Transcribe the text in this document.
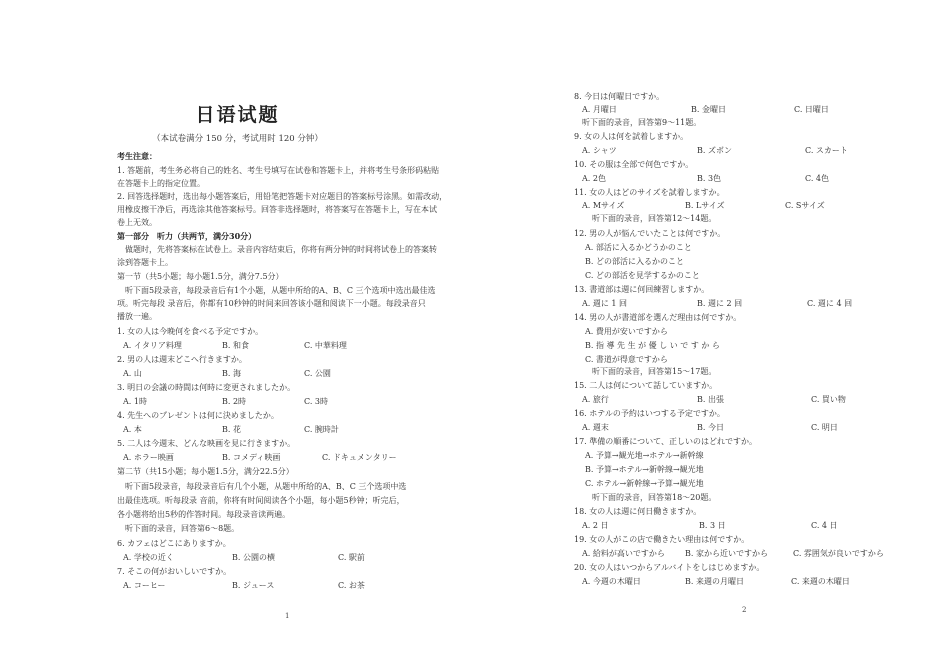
日语试题
（本试卷满分 150 分，考试用时 120 分钟）
考生注意：
1. 答题前，考生务必将自己的姓名、考生号填写在试卷和答题卡上，并将考生号条形码粘贴
在答题卡上的指定位置。
2. 回答选择题时，选出每小题答案后，用铅笔把答题卡对应题目的答案标号涂黑。如需改动，
用橡皮擦干净后，再选涂其他答案标号。回答非选择题时，将答案写在答题卡上，写在本试
卷上无效。
第一部分　听力（共两节，满分30分）
做题时，先将答案标在试卷上。录音内容结束后，你将有两分钟的时间将试卷上的答案转
涂到答题卡上。
第一节（共5小题；每小题1.5分，满分7.5分）
听下面5段录音，每段录音后有1个小题，从题中所给的A、B、C 三个选项中选出最佳选
项。听完每段 录音后，你都有10秒钟的时间来回答该小题和阅读下一小题。每段录音只
播放一遍。
1. 女の人は今晚何を食べる予定ですか。
A. イタリア料理	B. 和食	C. 中華料理
2. 男の人は週末どこへ行きますか。
A. 山	B. 海	C. 公園
3. 明日の会議の時間は何時に変更されましたか。
A. 1時	B. 2時	C. 3時
4. 先生へのプレゼントは何に決めましたか。
A. 本	B. 花	C. 腕時計
5. 二人は今週末、どんな映画を見に行きますか。
A. ホラー映画	B. コメディ映画	C. ドキュメンタリー
第二节（共15小题；每小题1.5分，满分22.5分）
听下面5段录音，每段录音后有几个小题，从题中所给的A、B、C 三个选项中选
出最佳选项。听每段录 音前，你将有时间阅读各个小题，每小题5秒钟；听完后，
各小题将给出5秒的作答时间。每段录音读两遍。
听下面的录音，回答第6～8题。
6. カフェはどこにありますか。
A. 学校の近く	B. 公園の横	C. 駅前
7. そこの何がおいしいですか。
A. コーヒー	B. ジュース	C. お茶
1
8. 今日は何曜日ですか。
A. 月曜日	B. 金曜日	C. 日曜日
听下面的录音，回答第9～11题。
9. 女の人は何を試着しますか。
A. シャツ	B. ズボン	C. スカート
10. その服は全部で何色ですか。
A. 2色	B. 3色	C. 4色
11. 女の人はどのサイズを試着しますか。
A. Mサイズ	B. Lサイズ	C. Sサイズ
听下面的录音，回答第12～14题。
12. 男の人が悩んでいたことは何ですか。
A. 部活に入るかどうかのこと
B. どの部活に入るかのこと
C. どの部活を見学するかのこと
13. 書道部は週に何回練習しますか。
A. 週に 1 回	B. 週に 2 回	C. 週に 4 回
14. 男の人が書道部を選んだ理由は何ですか。
A. 費用が安いですから
B. 指 導 先 生 が 優 し い で す か ら
C. 書道が得意ですから
听下面的录音，回答第15～17题。
15. 二人は何について話していますか。
A. 旅行	B. 出張	C. 買い物
16. ホテルの予約はいつする予定ですか。
A. 週末	B. 今日	C. 明日
17. 準備の順番について、正しいのはどれですか。
A. 予算→観光地→ホテル→新幹線
B. 予算→ホテル→新幹線→観光地
C. ホテル→新幹線→予算→観光地
听下面的录音，回答第18～20题。
18. 女の人は週に何日働きますか。
A. 2 日	B. 3 日	C. 4 日
19. 女の人がこの店で働きたい理由は何ですか。
A. 給料が高いですから	B. 家から近いですから	C. 雰囲気が良いですから
20. 女の人はいつからアルバイトをしはじめますか。
A. 今週の木曜日	B. 来週の月曜日	C. 来週の木曜日
2
